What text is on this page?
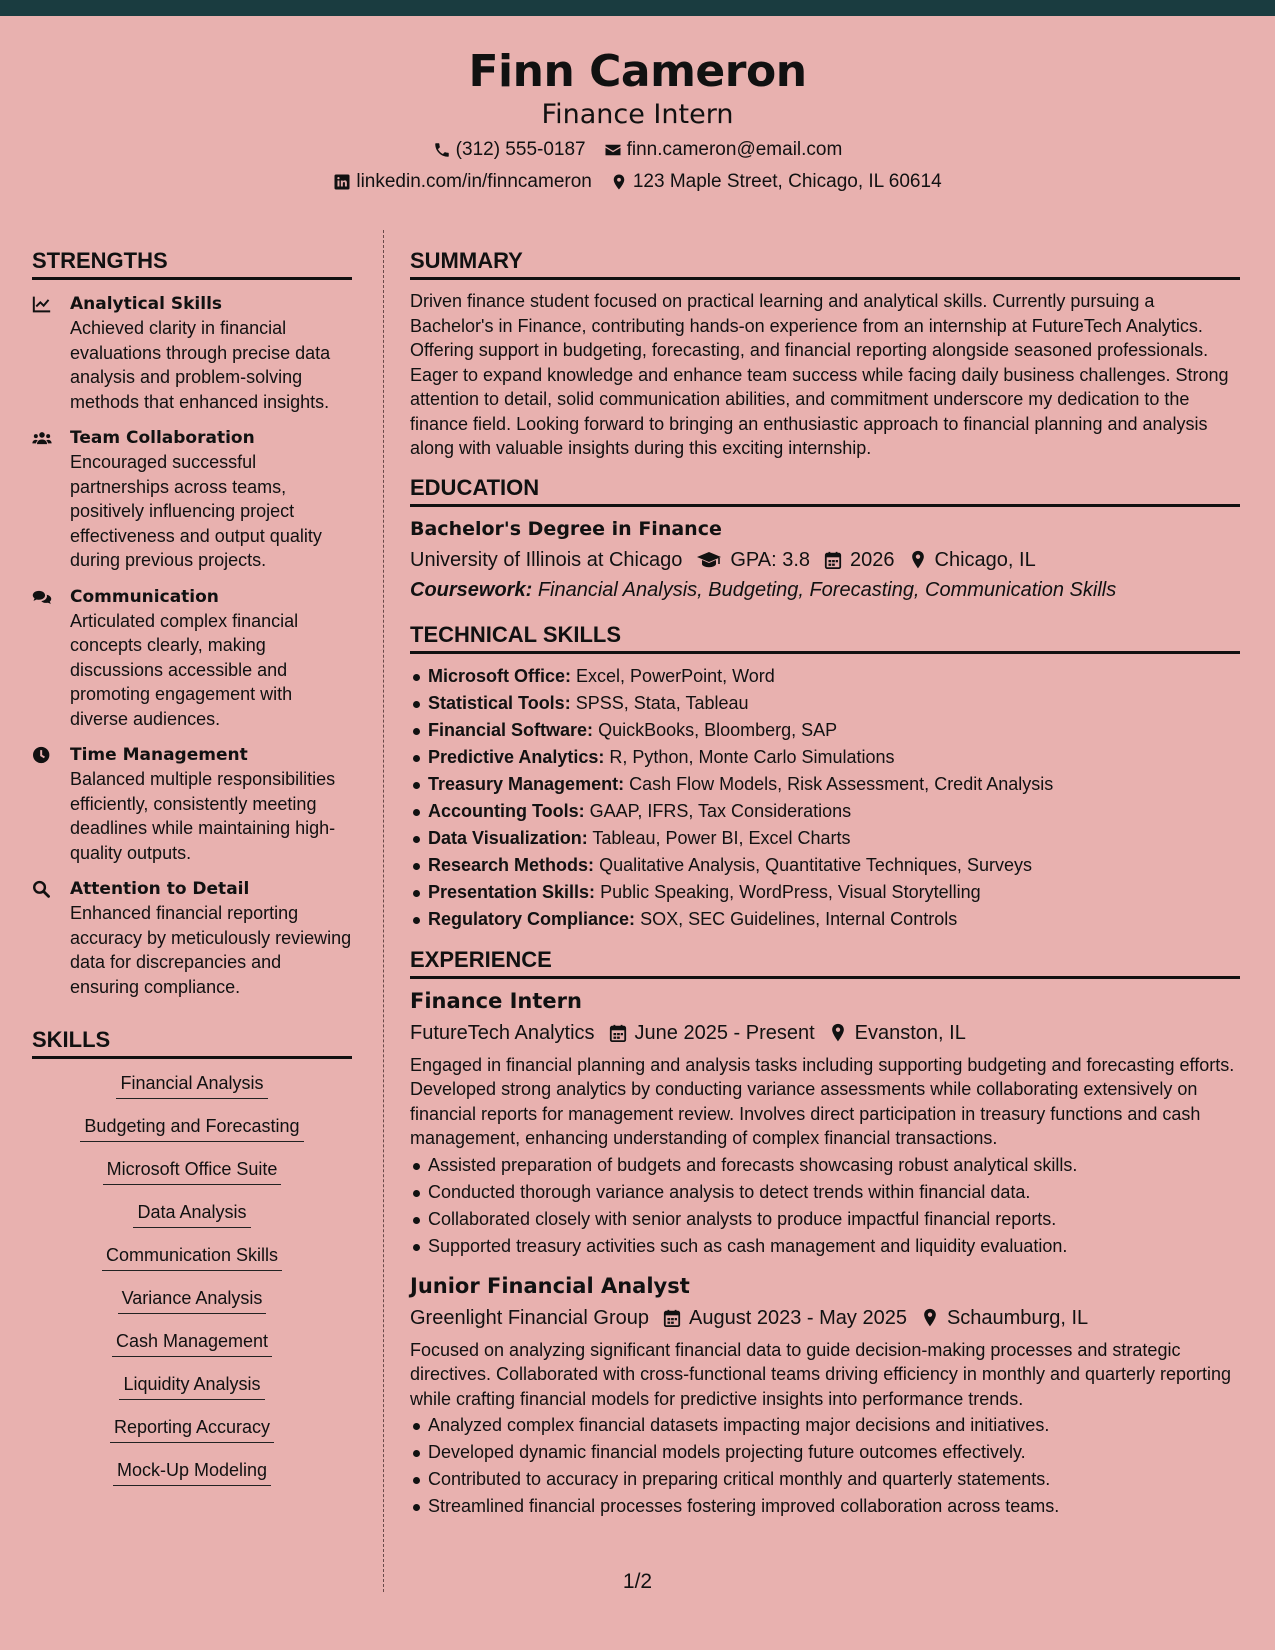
Finn Cameron
Finance Intern
(312) 555-0187 finn.cameron@email.com
linkedin.com/in/finncameron 123 Maple Street, Chicago, IL 60614
STRENGTHS
Analytical Skills
Achieved clarity in financial evaluations through precise data analysis and problem-solving methods that enhanced insights.
Team Collaboration
Encouraged successful partnerships across teams, positively influencing project effectiveness and output quality during previous projects.
Communication
Articulated complex financial concepts clearly, making discussions accessible and promoting engagement with diverse audiences.
Time Management
Balanced multiple responsibilities efficiently, consistently meeting deadlines while maintaining high-quality outputs.
Attention to Detail
Enhanced financial reporting accuracy by meticulously reviewing data for discrepancies and ensuring compliance.
SKILLS
Financial Analysis
Budgeting and Forecasting
Microsoft Office Suite
Data Analysis
Communication Skills
Variance Analysis
Cash Management
Liquidity Analysis
Reporting Accuracy
Mock-Up Modeling
SUMMARY
Driven finance student focused on practical learning and analytical skills. Currently pursuing a Bachelor's in Finance, contributing hands-on experience from an internship at FutureTech Analytics. Offering support in budgeting, forecasting, and financial reporting alongside seasoned professionals. Eager to expand knowledge and enhance team success while facing daily business challenges. Strong attention to detail, solid communication abilities, and commitment underscore my dedication to the finance field. Looking forward to bringing an enthusiastic approach to financial planning and analysis along with valuable insights during this exciting internship.
EDUCATION
Bachelor's Degree in Finance
University of Illinois at Chicago GPA: 3.8 2026 Chicago, IL
Coursework: Financial Analysis, Budgeting, Forecasting, Communication Skills
TECHNICAL SKILLS
Microsoft Office: Excel, PowerPoint, Word
Statistical Tools: SPSS, Stata, Tableau
Financial Software: QuickBooks, Bloomberg, SAP
Predictive Analytics: R, Python, Monte Carlo Simulations
Treasury Management: Cash Flow Models, Risk Assessment, Credit Analysis
Accounting Tools: GAAP, IFRS, Tax Considerations
Data Visualization: Tableau, Power BI, Excel Charts
Research Methods: Qualitative Analysis, Quantitative Techniques, Surveys
Presentation Skills: Public Speaking, WordPress, Visual Storytelling
Regulatory Compliance: SOX, SEC Guidelines, Internal Controls
EXPERIENCE
Finance Intern
FutureTech Analytics June 2025 - Present Evanston, IL
Engaged in financial planning and analysis tasks including supporting budgeting and forecasting efforts. Developed strong analytics by conducting variance assessments while collaborating extensively on financial reports for management review. Involves direct participation in treasury functions and cash management, enhancing understanding of complex financial transactions.
Assisted preparation of budgets and forecasts showcasing robust analytical skills.
Conducted thorough variance analysis to detect trends within financial data.
Collaborated closely with senior analysts to produce impactful financial reports.
Supported treasury activities such as cash management and liquidity evaluation.
Junior Financial Analyst
Greenlight Financial Group August 2023 - May 2025 Schaumburg, IL
Focused on analyzing significant financial data to guide decision-making processes and strategic directives. Collaborated with cross-functional teams driving efficiency in monthly and quarterly reporting while crafting financial models for predictive insights into performance trends.
Analyzed complex financial datasets impacting major decisions and initiatives.
Developed dynamic financial models projecting future outcomes effectively.
Contributed to accuracy in preparing critical monthly and quarterly statements.
Streamlined financial processes fostering improved collaboration across teams.
1/2
